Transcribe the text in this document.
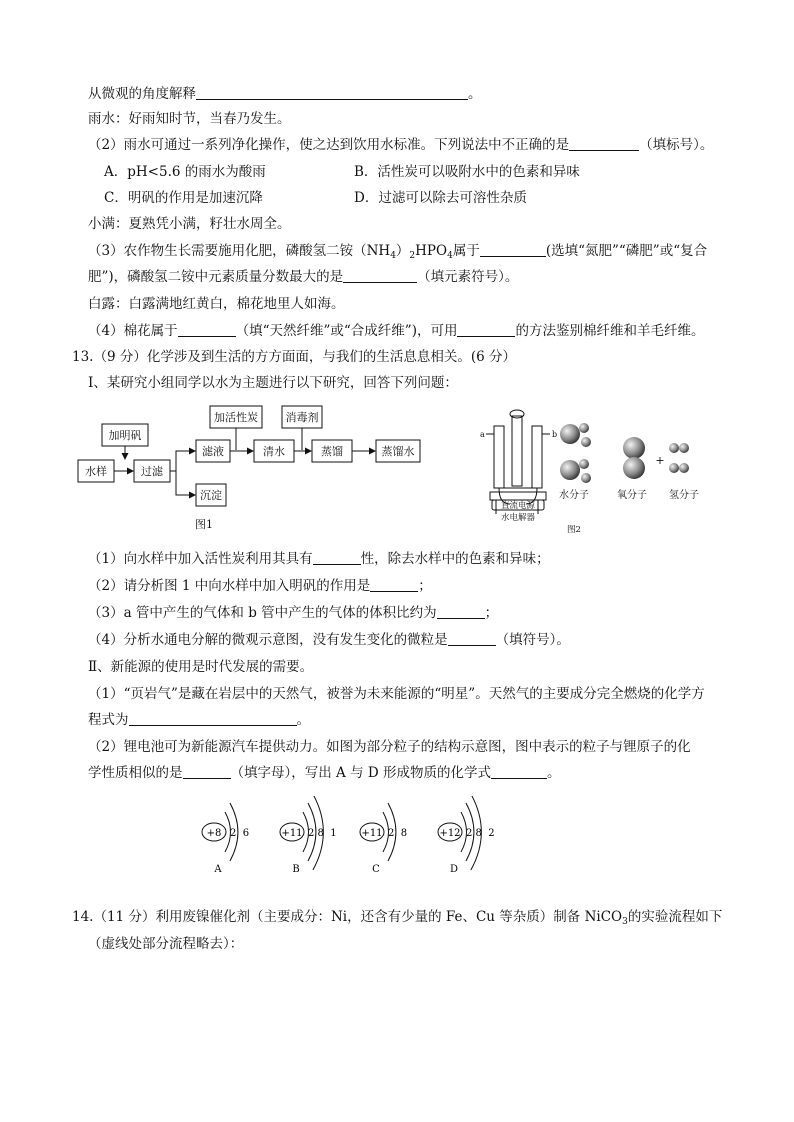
从微观的角度解释	。
雨水：好雨知时节，当春乃发生。
（2）雨水可通过一系列净化操作，使之达到饮用水标准。下列说法中不正确的是	（填标号）。
A．pH<5.6 的雨水为酸雨	B．活性炭可以吸附水中的色素和异味
C．明矾的作用是加速沉降	D．过滤可以除去可溶性杂质
小满：夏熟凭小满，籽壮水周全。
（3）农作物生长需要施用化肥，磷酸氢二铵$(NH_4)_2HPO_4$属于	(选填“氮肥”“磷肥”或“复合
肥”)，磷酸氢二铵中元素质量分数最大的是	（填元素符号）。
白露：白露满地红黄白，棉花地里人如海。
（4）棉花属于	（填“天然纤维”或“合成纤维”)，可用	的方法鉴别棉纤维和羊毛纤维。
13.（9 分）化学涉及到生活的方方面面，与我们的生活息息相关。(6 分）
I、某研究小组同学以水为主题进行以下研究，回答下列问题：
加明矾
水样	过滤
滤液
加活性炭
清水
消毒剂
蒸馏	蒸馏水
沉淀
图1
a	b
直流电源
水电解器
图2
水分子
+
氧分子 氢分子
（1）向水样中加入活性炭利用其具有	性，除去水样中的色素和异味；
（2）请分析图 1 中向水样中加入明矾的作用是	；
（3）a 管中产生的气体和 b 管中产生的气体的体积比约为	；
（4）分析水通电分解的微观示意图，没有发生变化的微粒是	（填符号）。
Ⅱ、新能源的使用是时代发展的需要。
（1）“页岩气”是藏在岩层中的天然气，被誉为未来能源的“明星”。天然气的主要成分完全燃烧的化学方
程式为	。
（2）锂电池可为新能源汽车提供动力。如图为部分粒子的结构示意图，图中表示的粒子与锂原子的化
学性质相似的是	（填字母），写出 A 与 D 形成物质的化学式	。
+8 2  6
A
+11 2 8  1
B
+11 2  8
C
+12 2 8  2
D
14.（11 分）利用废镍催化剂（主要成分：Ni，还含有少量的 Fe、Cu 等杂质）制备 NiCO$_3$的实验流程如下
（虚线处部分流程略去）：
